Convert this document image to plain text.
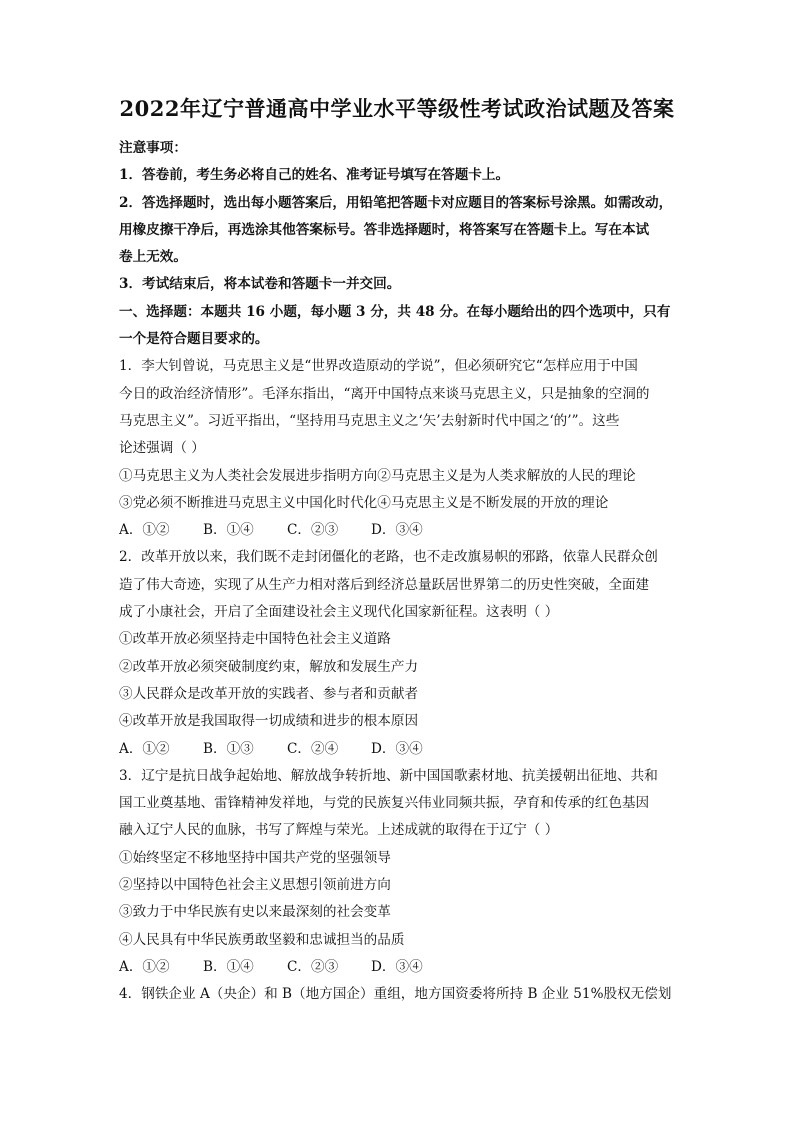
2022年辽宁普通高中学业水平等级性考试政治试题及答案

注意事项：

1．答卷前，考生务必将自己的姓名、准考证号填写在答题卡上。

2．答选择题时，选出每小题答案后，用铅笔把答题卡对应题目的答案标号涂黑。如需改动，

用橡皮擦干净后，再选涂其他答案标号。答非选择题时，将答案写在答题卡上。写在本试

卷上无效。

3．考试结束后，将本试卷和答题卡一并交回。

一、选择题：本题共 16 小题，每小题 3 分，共 48 分。在每小题给出的四个选项中，只有

一个是符合题目要求的。

1．李大钊曾说，马克思主义是“世界改造原动的学说”，但必须研究它“怎样应用于中国

今日的政治经济情形”。毛泽东指出，“离开中国特点来谈马克思主义，只是抽象的空洞的

马克思主义”。习近平指出，“坚持用马克思主义之‘矢’去射新时代中国之‘的’”。这些

论述强调（ ）

①马克思主义为人类社会发展进步指明方向②马克思主义是为人类求解放的人民的理论

③党必须不断推进马克思主义中国化时代化④马克思主义是不断发展的开放的理论

A．①②	B．①④	C．②③	D．③④

2．改革开放以来，我们既不走封闭僵化的老路，也不走改旗易帜的邪路，依靠人民群众创

造了伟大奇迹，实现了从生产力相对落后到经济总量跃居世界第二的历史性突破，全面建

成了小康社会，开启了全面建设社会主义现代化国家新征程。这表明（ ）

①改革开放必须坚持走中国特色社会主义道路

②改革开放必须突破制度约束，解放和发展生产力

③人民群众是改革开放的实践者、参与者和贡献者

④改革开放是我国取得一切成绩和进步的根本原因

A．①②	B．①③	C．②④	D．③④

3．辽宁是抗日战争起始地、解放战争转折地、新中国国歌素材地、抗美援朝出征地、共和

国工业奠基地、雷锋精神发祥地，与党的民族复兴伟业同频共振，孕育和传承的红色基因

融入辽宁人民的血脉，书写了辉煌与荣光。上述成就的取得在于辽宁（ ）

①始终坚定不移地坚持中国共产党的坚强领导

②坚持以中国特色社会主义思想引领前进方向

③致力于中华民族有史以来最深刻的社会变革

④人民具有中华民族勇敢坚毅和忠诚担当的品质

A．①②	B．①④	C．②③	D．③④

4．钢铁企业 A（央企）和 B（地方国企）重组，地方国资委将所持 B 企业 51%股权无偿划
